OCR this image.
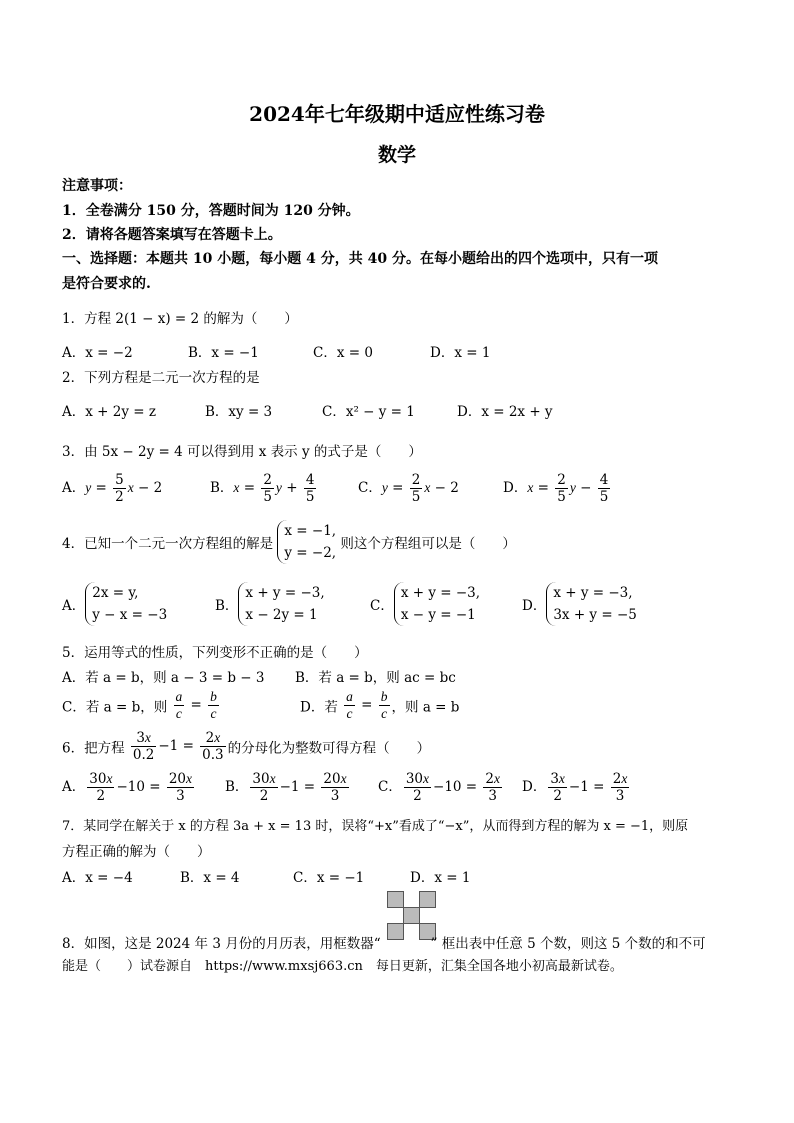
2024年七年级期中适应性练习卷
数学
注意事项：
1．全卷满分 150 分，答题时间为 120 分钟。
2．请将各题答案填写在答题卡上。
一、选择题：本题共 10 小题，每小题 4 分，共 40 分。在每小题给出的四个选项中，只有一项
是符合要求的.
1．方程 2(1 − x) = 2 的解为（　　）
A．x = −2	B．x = −1	C．x = 0	D．x = 1
2．下列方程是二元一次方程的是
A．x + 2y = z	B．xy = 3	C．x² − y = 1	D．x = 2x + y
3．由 5x − 2y = 4 可以得到用 x 表示 y 的式子是（　　）
A．$y = \frac{5}{2}$ x − 2	B．$x = \frac{2}{5}$ $y + \frac{4}{5}$	C．$y = \frac{2}{5}$ x − 2	D．$x = \frac{2}{5}$ $y - \frac{4}{5}$
4．已知一个二元一次方程组的解是
x = −1,
y = −2,
则这个方程组可以是（　　）
A．
2x = y,
y − x = −3
B．
x + y = −3,
x − 2y = 1
C．
x + y = −3,
x − y = −1
D．
x + y = −3,
3x + y = −5
5．运用等式的性质，下列变形不正确的是（　　）
A．若 a = b，则 a − 3 = b − 3 B．若 a = b，则 ac = bc
C．若 a = b，则 $\frac{a}{c} = \frac{b}{c}$	D．若 $\frac{a}{c} = \frac{b}{c}$ ，则 a = b
6．把方程 $\frac{3x}{0.2} -1 = \frac{2x}{0.3}$ 的分母化为整数可得方程（　　）
A． $\frac{30x}{2} -10 = \frac{20x}{3}$ B． $\frac{30x}{2} -1 = \frac{20x}{3}$ C． $\frac{30x}{2} -10 = \frac{2x}{3}$ D． $\frac{3x}{2} -1 = \frac{2x}{3}$
7．某同学在解关于 x 的方程 3a + x = 13 时，误将“+x”看成了“−x”，从而得到方程的解为 x = −1，则原
方程正确的解为（　　）
A．x = −4	B．x = 4	C．x = −1	D．x = 1
8．如图，这是 2024 年 3 月份的月历表，用框数器“	” 框出表中任意 5 个数，则这 5 个数的和不可
能是（　　）试卷源自　https://www.mxsj663.cn　每日更新，汇集全国各地小初高最新试卷。
